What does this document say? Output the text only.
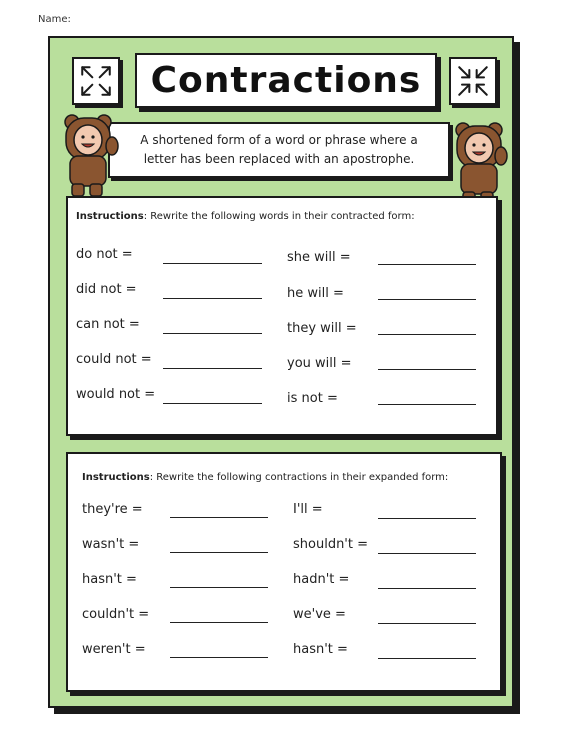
Name:
Contractions
A shortened form of a word or phrase where a letter has been replaced with an apostrophe.
Instructions: Rewrite the following words in their contracted form:
do not =
did not =
can not =
could not =
would not =
she will =
he will =
they will =
you will =
is not =
Instructions: Rewrite the following contractions in their expanded form:
they're =
wasn't =
hasn't =
couldn't =
weren't =
I'll =
shouldn't =
hadn't =
we've =
hasn't =
